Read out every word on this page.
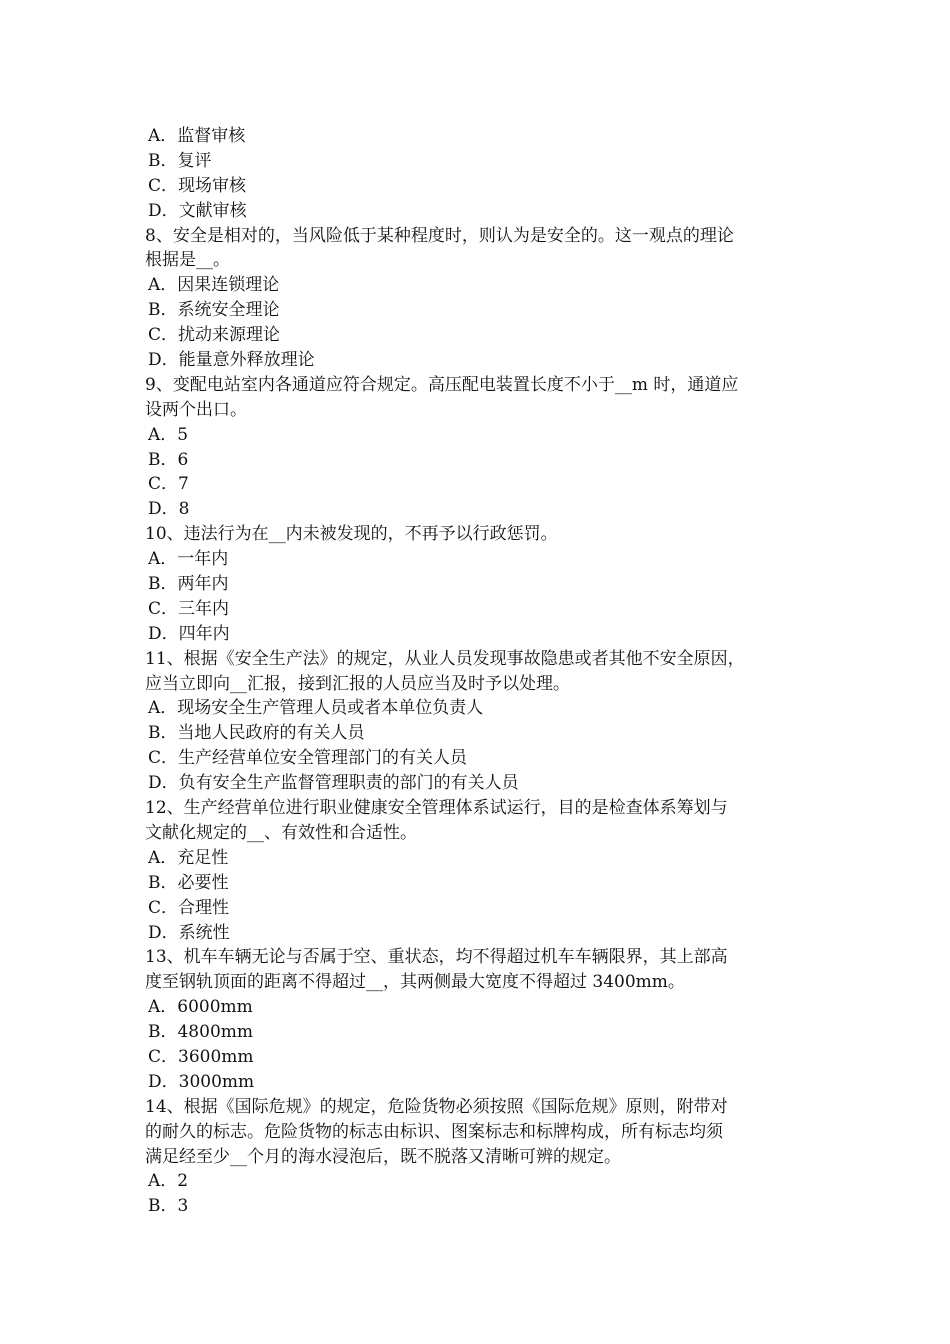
A．监督审核
B．复评
C．现场审核
D．文献审核
8、安全是相对的，当风险低于某种程度时，则认为是安全的。这一观点的理论
根据是__。
A．因果连锁理论
B．系统安全理论
C．扰动来源理论
D．能量意外释放理论
9、变配电站室内各通道应符合规定。高压配电装置长度不小于__m 时，通道应
设两个出口。
A．5
B．6
C．7
D．8
10、违法行为在__内未被发现的，不再予以行政惩罚。
A．一年内
B．两年内
C．三年内
D．四年内
11、根据《安全生产法》的规定，从业人员发现事故隐患或者其他不安全原因，
应当立即向__汇报，接到汇报的人员应当及时予以处理。
A．现场安全生产管理人员或者本单位负责人
B．当地人民政府的有关人员
C．生产经营单位安全管理部门的有关人员
D．负有安全生产监督管理职责的部门的有关人员
12、生产经营单位进行职业健康安全管理体系试运行，目的是检查体系筹划与
文献化规定的__、有效性和合适性。
A．充足性
B．必要性
C．合理性
D．系统性
13、机车车辆无论与否属于空、重状态，均不得超过机车车辆限界，其上部高
度至钢轨顶面的距离不得超过__，其两侧最大宽度不得超过 3400mm。
A．6000mm
B．4800mm
C．3600mm
D．3000mm
14、根据《国际危规》的规定，危险货物必须按照《国际危规》原则，附带对
的耐久的标志。危险货物的标志由标识、图案标志和标牌构成，所有标志均须
满足经至少__个月的海水浸泡后，既不脱落又清晰可辨的规定。
A．2
B．3
